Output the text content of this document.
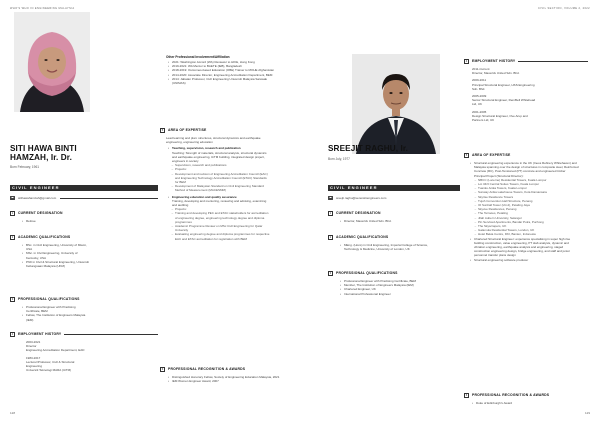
WHO'S WHO IN ENGINEERING MALAYSIA
SITI HAWA BINTI
HAMZAH, Ir. Dr.
Born February, 1961
CIVIL ENGINEER
sitihawahamzah@gmail.com
1	CURRENT DESIGNATION
• Retiree
2	ACADEMIC QUALIFICATIONS
• BSc. in Civil Engineering, University of Miami, USA
• MSc. in Civil Engineering, University of Kentucky, USA
• PhD in Civil & Structural Engineering, Universiti Kebangsaan Malaysia (UKM)
3	PROFESSIONAL QUALIFICATIONS
• Professional Engineer with Practising Certificate, BEM
• Fellow, The Institution of Engineers Malaysia (IEM)
4	EMPLOYMENT HISTORY
2003-2021
Director
Engineering Accreditation Department, EAD
1983-2017
Lecturer/Professor, Civil & Structural
Engineering
Universiti Teknologi MARA (UiTM)
Other Professional Involvement/Affiliation
• 2021: Washington Accord (WA) Reviewer to HKIE, Hong Kong
• 2019-2021: WA Mentor to BAETE (IEB), Bangladesh
• 2018-2019: Outcomes-based Education (OBE) Trainer to MOHE Afghanistan
• 2014-2020: Associate Director, Engineering Accreditation Department, BEM
• 2014: Jabatan Professor, Civil Engineering Universiti Malaysia Sarawak (UNIMAS)
5	AREA OF EXPERTISE
Lead learning and plan: structures, structural dynamics and earthquake engineering, engineering education
• Teaching, supervision, research and publication
Teaching: Strength of materials, structural analysis, structural dynamics and earthquake engineering, UiTM building, integrated design project, engineers in society
– Supervision, research and publications
– Projects:
– Development and revision of Engineering Accreditation Council (EAC) and Engineering Technology Accreditation Council (ETAC) Standards for BEM
– Development of Malaysian Standard on Civil Engineering Standard Method of Measurement (MACESMM)
• Engineering education and quality assurance
Training, developing and mentoring, reviewing and advising, examining and auditing
– Projects:
– Training and developing PEC and ETAC stakeholders for accreditation of engineering degree, engineering technology degree and diploma programmes
– Academic Programme Review on MSc Civil Engineering for Qatar University
– Evaluating engineering degree and diploma programmes for respective EAC and ETAC accreditation for registration with BEM
6	PROFESSIONAL RECOGNITION & AWARDS
• Distinguished Honorary Fellow, Society of Engineering Education Malaysia, 2021
• IEM Women Engineer Award, 2007
128
CIVIL SECTION, VOLUME 2, 2022
SREEJIT RAGHU, Ir.
Born July, 1977
CIVIL ENGINEER
sreejit.raghu@serensitiengineers.com
1	CURRENT DESIGNATION
• Director, Maverick United Sdn. Bhd.
2	ACADEMIC QUALIFICATIONS
• MEng. (Hons) in Civil Engineering, Imperial College of Science, Technology & Medicine, University of London, UK
3	PROFESSIONAL QUALIFICATIONS
• Professional Engineer with Practising Certificate, BEM
• Member, The Institution of Engineers Malaysia (IEM)
• Chartered Engineer, UK
• International Professional Engineer
4	EMPLOYMENT HISTORY
2011-Current
Director, Maverick United Sdn. Bhd.
2009-2011
Principal Structural Engineer, HSS Engineering
Sdn. Bhd.
2005-2009
Senior Structural Engineer, RemBell Whitehead
Ltd, UK
2001-2005
Design Structural Engineer, Ove Arup and
Partners Ltd, UK
5	AREA OF EXPERTISE
• Structural engineering experience in the UK (Ineos Refinery Whitehaven) and Malaysia spanning over the design of structures in composite steel, Reinforced Concrete (RC), Post-Tensioned (PT) concrete and engineered timber
Principal Project (Structural Director):
– NBCC (Lucerne) Residential Towers, Kuala Lumpur
– Lot 34/3 Central Suites Towers, Kuala Lumpur
– Tuanku Anika Towers, Kuala Lumpur
– Sunway Anika Lakehouse Towers, Kota Damansara
– Skyrise Residence Towers
– Tujuh Convention Hall Structure, Penang
– IO Sunhall Tower (LN-2), Petaling Jaya
– Skyvue Residences, Penang
– The Terraces, Petaling
– Jilah Aubern University, Selangor
– Pin Serviced Apartments, Bandar Putra, Puchong
– The Skyscrapers, UK
– Galamula Residential Towers, London, UK
– Hotel Bekia Centre, DKI, Banten, Indonesia
• Chartered Structural Engineer: experience specialising in super high rise building construction, value engineering, PT slab analysis, dynamic and vibration engineering, earthquake analysis and engineering, staged construction engineering design, bridge engineering, and staff and junior personnel transfer plans design
• Structural engineering software producer
6	PROFESSIONAL RECOGNITION & AWARDS
• Duke of Edinburgh's Award
129
